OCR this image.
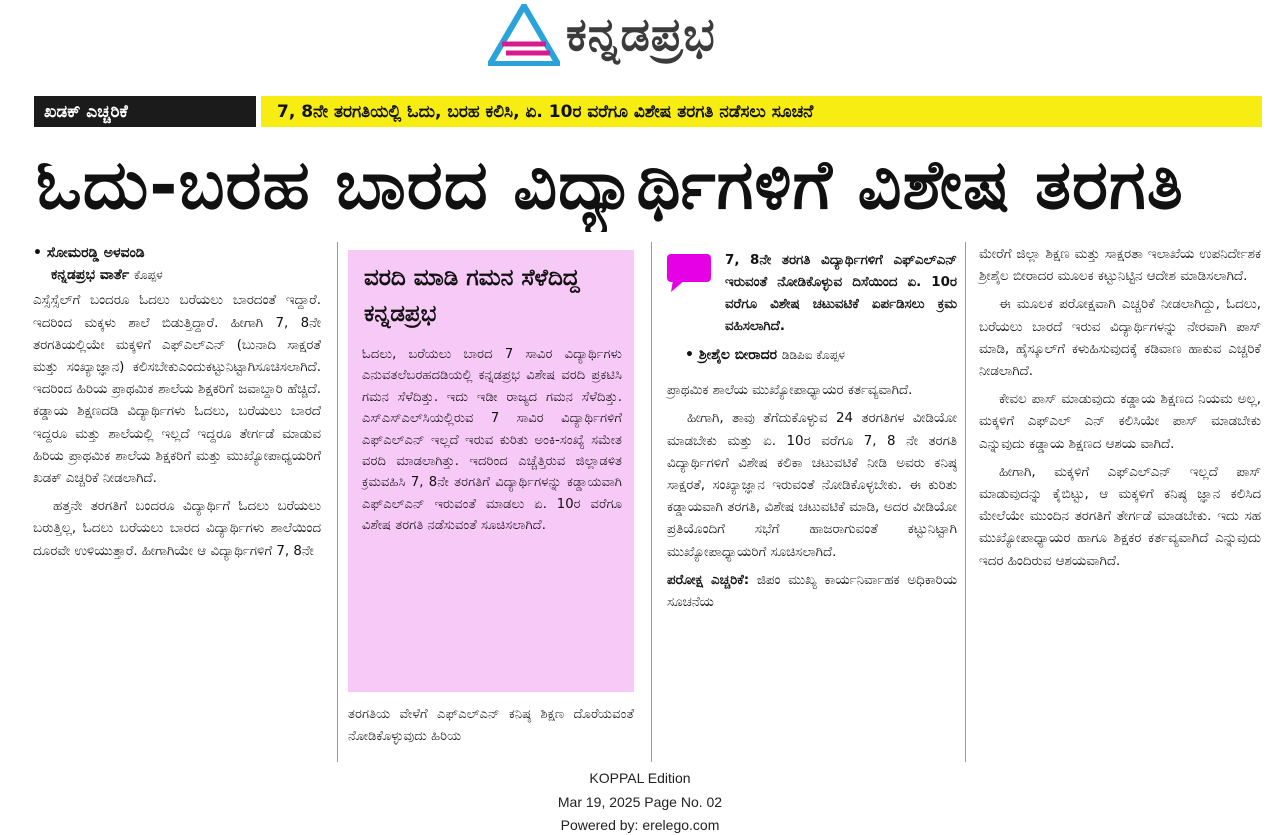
ಕನ್ನಡಪ್ರಭ
ಖಡಕ್ ಎಚ್ಚರಿಕೆ	7, 8ನೇ ತರಗತಿಯಲ್ಲಿ ಓದು, ಬರಹ ಕಲಿಸಿ, ಏ. 10ರ ವರೆಗೂ ವಿಶೇಷ ತರಗತಿ ನಡೆಸಲು ಸೂಚನೆ
ಓದು-ಬರಹ ಬಾರದ ವಿದ್ಯಾರ್ಥಿಗಳಿಗೆ ವಿಶೇಷ ತರಗತಿ
• ಸೋಮರಡ್ಡಿ ಅಳವಂಡಿ
ಕನ್ನಡಪ್ರಭ ವಾರ್ತೆ ಕೊಪ್ಪಳ

ಎಸ್ಸೆಸ್ಸೆಲ್‌ಗೆ ಬಂದರೂ ಓದಲು ಬರೆಯಲು ಬಾರದಂತೆ ಇದ್ದಾರೆ. ಇದರಿಂದ ಮಕ್ಕಳು ಶಾಲೆ ಬಿಡುತ್ತಿದ್ದಾರೆ. ಹೀಗಾಗಿ 7, 8ನೇ ತರಗತಿಯಲ್ಲಿಯೇ ಮಕ್ಕಳಿಗೆ ಎಫ್‌ಎಲ್‌ಎನ್ (ಬುನಾದಿ ಸಾಕ್ಷರತೆ ಮತ್ತು ಸಂಖ್ಯಾಜ್ಞಾನ) ಕಲಿಸಬೇಕುಎಂದುಕಟ್ಟುನಿಟ್ಟಾಗಿಸೂಚಿಸಲಾಗಿದೆ. ಇದರಿಂದ ಹಿರಿಯ ಪ್ರಾಥಮಿಕ ಶಾಲೆಯ ಶಿಕ್ಷಕರಿಗೆ ಜವಾಬ್ದಾರಿ ಹೆಚ್ಚಿದೆ. ಕಡ್ಡಾಯ ಶಿಕ್ಷಣದಡಿ ವಿದ್ಯಾರ್ಥಿಗಳು ಓದಲು, ಬರೆಯಲು ಬಾರದೆ ಇದ್ದರೂ ಮತ್ತು ಶಾಲೆಯಲ್ಲಿ ಇಲ್ಲದೆ ಇದ್ದರೂ ತೇರ್ಗಡೆ ಮಾಡುವ ಹಿರಿಯ ಪ್ರಾಥಮಿಕ ಶಾಲೆಯ ಶಿಕ್ಷಕರಿಗೆ ಮತ್ತು ಮುಖ್ಯೋಪಾಧ್ಯಯರಿಗೆ ಖಡಕ್ ಎಚ್ಚರಿಕೆ ನೀಡಲಾಗಿದೆ.

ಹತ್ತನೇ ತರಗತಿಗೆ ಬಂದರೂ ವಿದ್ಯಾರ್ಥಿಗೆ ಓದಲು ಬರೆಯಲು ಬರುತ್ತಿಲ್ಲ, ಓದಲು ಬರೆಯಲು ಬಾರದ ವಿದ್ಯಾರ್ಥಿಗಳು ಶಾಲೆಯಿಂದ ದೂರವೇ ಉಳಿಯುತ್ತಾರೆ. ಹೀಗಾಗಿಯೇ ಆ ವಿದ್ಯಾರ್ಥಿಗಳಿಗೆ 7, 8ನೇ

ವರದಿ ಮಾಡಿ ಗಮನ ಸೆಳೆದಿದ್ದ ಕನ್ನಡಪ್ರಭ

ಓದಲು, ಬರೆಯಲು ಬಾರದ 7 ಸಾವಿರ ವಿದ್ಯಾರ್ಥಿಗಳು ಎನುವತಲೆಬರಹದಡಿಯಲ್ಲಿ ಕನ್ನಡಪ್ರಭ ವಿಶೇಷ ವರದಿ ಪ್ರಕಟಿಸಿ ಗಮನ ಸೆಳೆದಿತ್ತು. ಇದು ಇಡೀ ರಾಜ್ಯದ ಗಮನ ಸೆಳೆದಿತ್ತು. ಎಸ್‌ಎಸ್‌ಎಲ್‌ಸಿಯಲ್ಲಿರುವ 7 ಸಾವಿರ ವಿದ್ಯಾರ್ಥಿಗಳಿಗೆ ಎಫ್‌ಎಲ್‌ಎನ್ ಇಲ್ಲದೆ ಇರುವ ಕುರಿತು ಅಂಕಿ-ಸಂಖ್ಯೆ ಸಮೇತ ವರದಿ ಮಾಡಲಾಗಿತ್ತು. ಇದರಿಂದ ಎಚ್ಚೆತ್ತಿರುವ ಜಿಲ್ಲಾಡಳಿತ ಕ್ರಮವಹಿಸಿ 7, 8ನೇ ತರಗತಿಗೆ ವಿದ್ಯಾರ್ಥಿಗಳನ್ನು ಕಡ್ಡಾಯವಾಗಿ ಎಫ್‌ಎಲ್‌ಎನ್ ಇರುವಂತೆ ಮಾಡಲು ಏ. 10ರ ವರೆಗೂ ವಿಶೇಷ ತರಗತಿ ನಡೆಸುವಂತೆ ಸೂಚಿಸಲಾಗಿದೆ.

ತರಗತಿಯ ವೇಳೆಗೆ ಎಫ್‌ಎಲ್‌ಎನ್ ಕನಿಷ್ಠ ಶಿಕ್ಷಣ ದೊರೆಯವಂತೆ ನೋಡಿಕೊಳ್ಳುವುದು ಹಿರಿಯ
7, 8ನೇ ತರಗತಿ ವಿದ್ಯಾರ್ಥಿಗಳಿಗೆ ಎಫ್‌ಎಲ್‌ಎನ್ ಇರುವಂತೆ ನೋಡಿಕೊಳ್ಳುವ ದಿಸೆಯಿಂದ ಏ. 10ರ ವರೆಗೂ ವಿಶೇಷ ಚಟುವಟಿಕೆ ಏರ್ಪಡಿಸಲು ಕ್ರಮ ವಹಿಸಲಾಗಿದೆ.
• ಶ್ರೀಶೈಲ ಬೀರಾದರ ಡಿಡಿಪಿಐ ಕೊಪ್ಪಳ

ಪ್ರಾಥಮಿಕ ಶಾಲೆಯ ಮುಖ್ಯೋಪಾಧ್ಯಾಯರ ಕರ್ತವ್ಯವಾಗಿದೆ.

ಹೀಗಾಗಿ, ತಾವು ತೆಗೆದುಕೊಳ್ಳುವ 24 ತರಗತಿಗಳ ವೀಡಿಯೋ ಮಾಡಬೇಕು ಮತ್ತು ಏ. 10ರ ವರೆಗೂ 7, 8 ನೇ ತರಗತಿ ವಿದ್ಯಾರ್ಥಿಗಳಿಗೆ ವಿಶೇಷ ಕಲಿಕಾ ಚಟುವಟಿಕೆ ನೀಡಿ ಅವರು ಕನಿಷ್ಠ ಸಾಕ್ಷರತೆ, ಸಂಖ್ಯಾಜ್ಞಾನ ಇರುವಂತೆ ನೋಡಿಕೊಳ್ಳಬೇಕು. ಈ ಕುರಿತು ಕಡ್ಡಾಯವಾಗಿ ತರಗತಿ, ವಿಶೇಷ ಚಟುವಟಿಕೆ ಮಾಡಿ, ಅದರ ವೀಡಿಯೋ ಪ್ರತಿಯೊಂದಿಗೆ ಸಭೆಗೆ ಹಾಜರಾಗುವಂತೆ ಕಟ್ಟುನಿಟ್ಟಾಗಿ ಮುಖ್ಯೋಪಾಧ್ಯಾಯರಿಗೆ ಸೂಚಿಸಲಾಗಿದೆ.

ಪರೋಕ್ಷ ಎಚ್ಚರಿಕೆ: ಜಿಪಂ ಮುಖ್ಯ ಕಾರ್ಯನಿರ್ವಾಹಕ ಅಧಿಕಾರಿಯ ಸೂಚನೆಯ

ಮೇರೆಗೆ ಜಿಲ್ಲಾ ಶಿಕ್ಷಣ ಮತ್ತು ಸಾಕ್ಷರತಾ ಇಲಾಖೆಯ ಉಪನಿರ್ದೇಶಕ ಶ್ರೀಶೈಲ ಬೀರಾದರ ಮೂಲಕ ಕಟ್ಟುನಿಟ್ಟಿನ ಆದೇಶ ಮಾಡಿಸಲಾಗಿದೆ.

ಈ ಮೂಲಕ ಪರೋಕ್ಷವಾಗಿ ಎಚ್ಚರಿಕೆ ನೀಡಲಾಗಿದ್ದು, ಓದಲು, ಬರೆಯಲು ಬಾರದೆ ಇರುವ ವಿದ್ಯಾರ್ಥಿಗಳನ್ನು ನೇರವಾಗಿ ಪಾಸ್ ಮಾಡಿ, ಹೈಸ್ಕೂಲ್‌ಗೆ ಕಳುಹಿಸುವುದಕ್ಕೆ ಕಡಿವಾಣ ಹಾಕುವ ಎಚ್ಚರಿಕೆ ನೀಡಲಾಗಿದೆ.

ಕೇವಲ ಪಾಸ್ ಮಾಡುವುದು ಕಡ್ಡಾಯ ಶಿಕ್ಷಣದ ನಿಯಮ ಅಲ್ಲ, ಮಕ್ಕಳಿಗೆ ಎಫ್‌ಎಲ್ ಎನ್ ಕಲಿಸಿಯೇ ಪಾಸ್ ಮಾಡಬೇಕು ಎನ್ನುವುದು ಕಡ್ಡಾಯ ಶಿಕ್ಷಣದ ಆಶಯ ವಾಗಿದೆ.

ಹೀಗಾಗಿ, ಮಕ್ಕಳಿಗೆ ಎಫ್‌ಎಲ್‌ಎನ್ ಇಲ್ಲದೆ ಪಾಸ್ ಮಾಡುವುದನ್ನು ಕೈಬಿಟ್ಟು, ಆ ಮಕ್ಕಳಿಗೆ ಕನಿಷ್ಠ ಜ್ಞಾನ ಕಲಿಸಿದ ಮೇಲೆಯೇ ಮುಂದಿನ ತರಗತಿಗೆ ತೇರ್ಗಡೆ ಮಾಡಬೇಕು. ಇದು ಸಹ ಮುಖ್ಯೋಪಾಧ್ಯಾಯರ ಹಾಗೂ ಶಿಕ್ಷಕರ ಕರ್ತವ್ಯವಾಗಿದೆ ಎನ್ನುವುದು ಇದರ ಹಿಂದಿರುವ ಆಶಯವಾಗಿದೆ.

KOPPAL Edition
Mar 19, 2025 Page No. 02
Powered by: erelego.com
